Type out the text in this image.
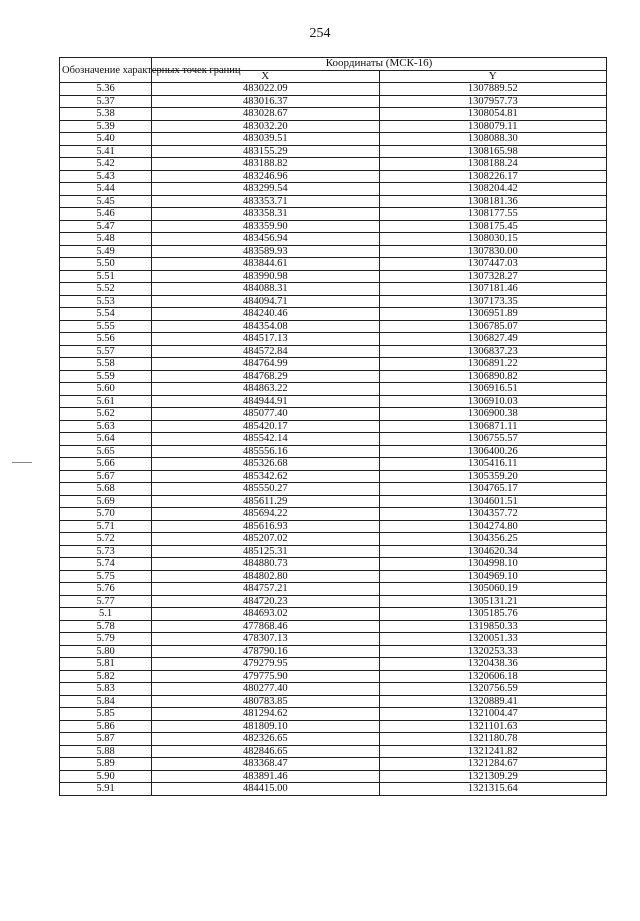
254
Обозначение характерных точек границ	Координаты (МСК-16)	
	X	Y
5.36	483022.09	1307889.52
5.37	483016.37	1307957.73
5.38	483028.67	1308054.81
5.39	483032.20	1308079.11
5.40	483039.51	1308088.30
5.41	483155.29	1308165.98
5.42	483188.82	1308188.24
5.43	483246.96	1308226.17
5.44	483299.54	1308204.42
5.45	483353.71	1308181.36
5.46	483358.31	1308177.55
5.47	483359.90	1308175.45
5.48	483456.94	1308030.15
5.49	483589.93	1307830.00
5.50	483844.61	1307447.03
5.51	483990.98	1307328.27
5.52	484088.31	1307181.46
5.53	484094.71	1307173.35
5.54	484240.46	1306951.89
5.55	484354.08	1306785.07
5.56	484517.13	1306827.49
5.57	484572.84	1306837.23
5.58	484764.99	1306891.22
5.59	484768.29	1306890.82
5.60	484863.22	1306916.51
5.61	484944.91	1306910.03
5.62	485077.40	1306900.38
5.63	485420.17	1306871.11
5.64	485542.14	1306755.57
5.65	485556.16	1306400.26
5.66	485326.68	1305416.11
5.67	485342.62	1305359.20
5.68	485550.27	1304765.17
5.69	485611.29	1304601.51
5.70	485694.22	1304357.72
5.71	485616.93	1304274.80
5.72	485207.02	1304356.25
5.73	485125.31	1304620.34
5.74	484880.73	1304998.10
5.75	484802.80	1304969.10
5.76	484757.21	1305060.19
5.77	484720.23	1305131.21
5.1	484693.02	1305185.76
5.78	477868.46	1319850.33
5.79	478307.13	1320051.33
5.80	478790.16	1320253.33
5.81	479279.95	1320438.36
5.82	479775.90	1320606.18
5.83	480277.40	1320756.59
5.84	480783.85	1320889.41
5.85	481294.62	1321004.47
5.86	481809.10	1321101.63
5.87	482326.65	1321180.78
5.88	482846.65	1321241.82
5.89	483368.47	1321284.67
5.90	483891.46	1321309.29
5.91	484415.00	1321315.64
